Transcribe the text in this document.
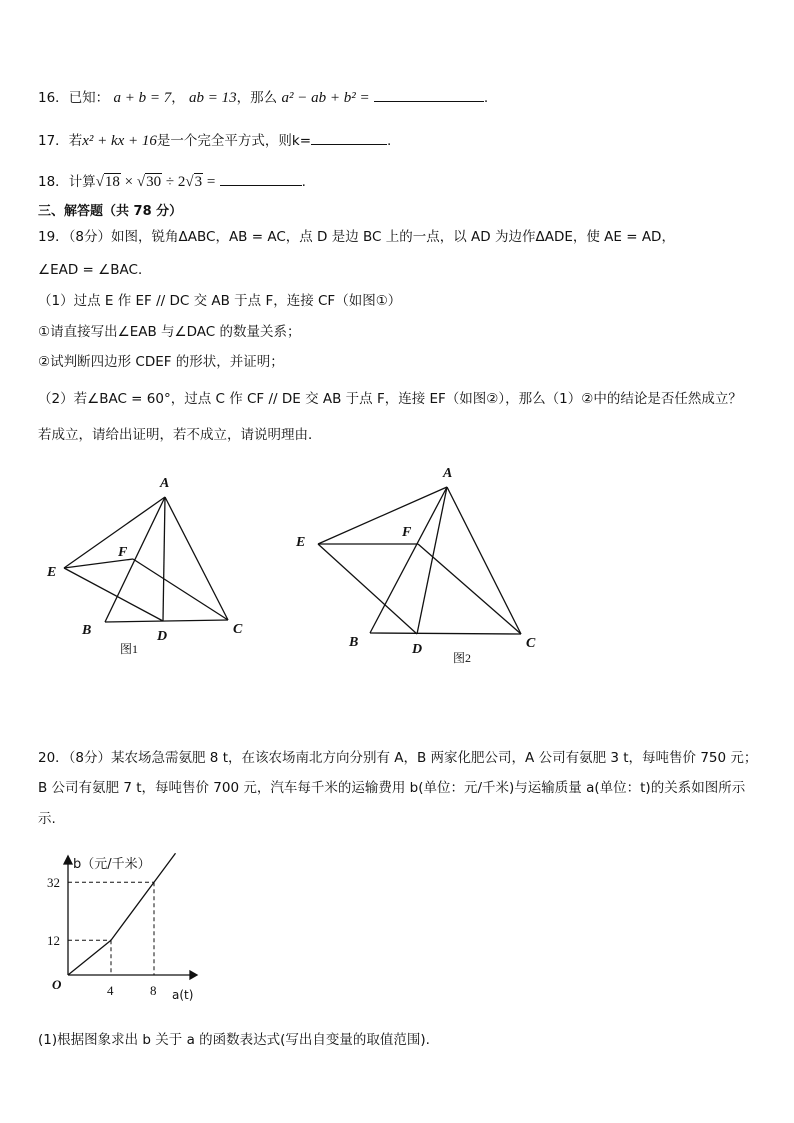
16．已知： a + b = 7， ab = 13，那么 a² − ab + b² =	.
17．若x² + kx + 16是一个完全平方式，则k=	.
18．计算√18 × √30 ÷ 2√3 =	.
三、解答题（共 78 分）
19．（8分）如图，锐角ΔABC，AB = AC，点 D 是边 BC 上的一点，以 AD 为边作ΔADE，使 AE = AD，
∠EAD = ∠BAC．
（1）过点 E 作 EF // DC 交 AB 于点 F，连接 CF（如图①）
①请直接写出∠EAB 与∠DAC 的数量关系；
②试判断四边形 CDEF 的形状，并证明；
（2）若∠BAC = 60°，过点 C 作 CF // DE 交 AB 于点 F，连接 EF（如图②），那么（1）②中的结论是否任然成立？
若成立，请给出证明，若不成立，请说明理由．
A
B	C
D
E
F
图1
A
B	C
D
E
F
图2
20．（8分）某农场急需氨肥 8 t，在该农场南北方向分别有 A，B 两家化肥公司，A 公司有氨肥 3 t，每吨售价 750 元；
B 公司有氨肥 7 t，每吨售价 700 元，汽车每千米的运输费用 b(单位：元/千米)与运输质量 a(单位：t)的关系如图所示
示.
b（元/千米）
a(t)
O	4	8
12
32
(1)根据图象求出 b 关于 a 的函数表达式(写出自变量的取值范围).
